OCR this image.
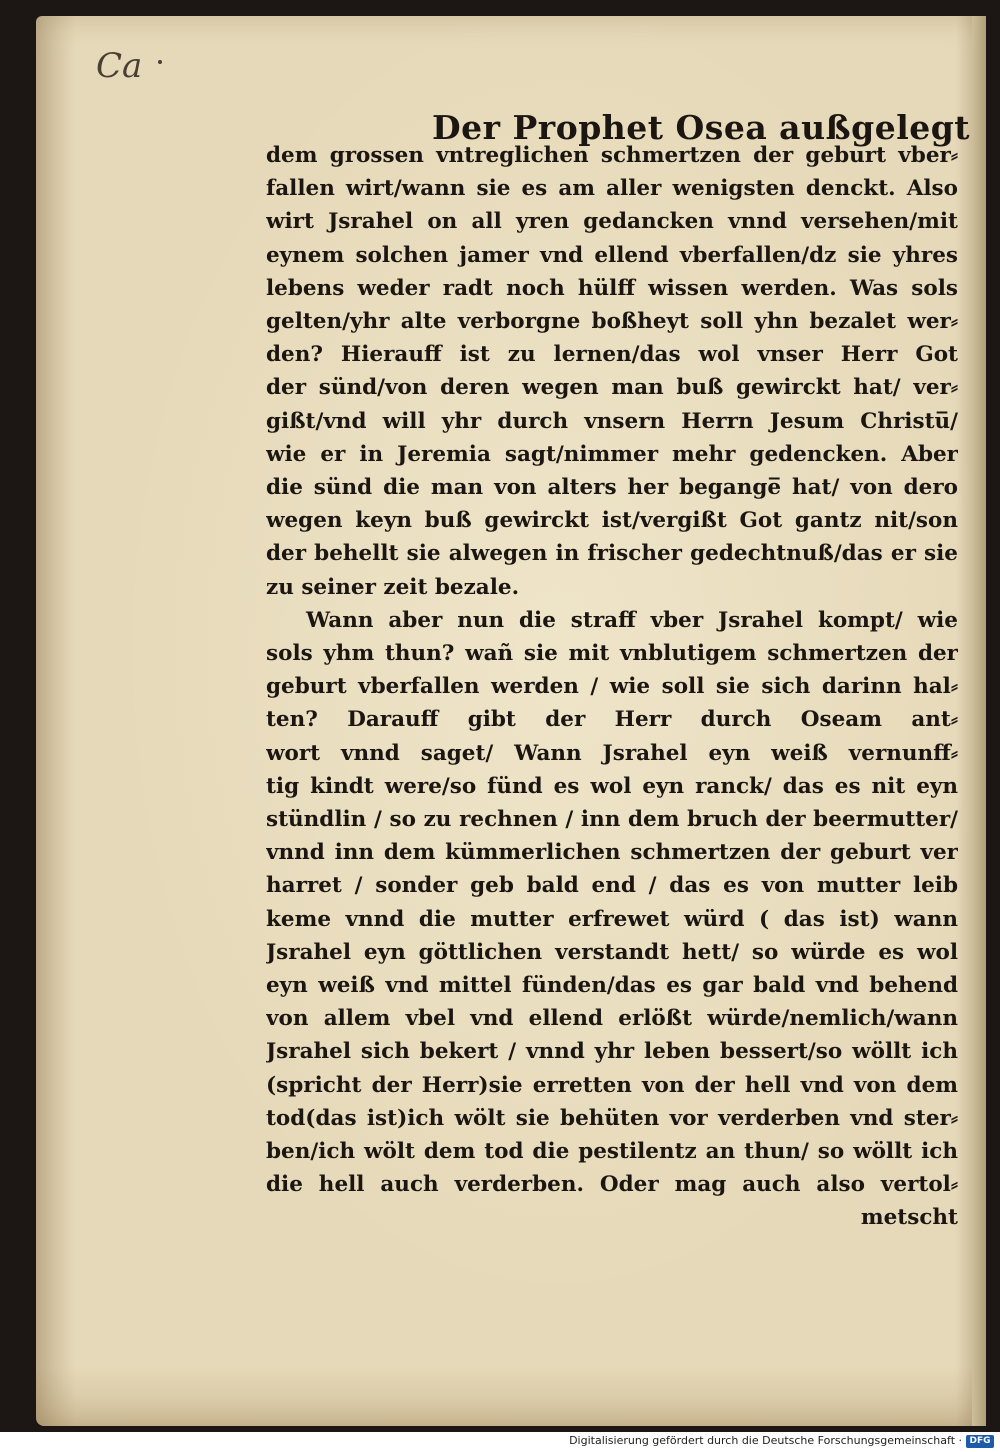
Ca
Der Prophet Osea außgelegt
dem grossen vntreglichen schmertzen der geburt vber⸗
fallen wirt/wann sie es am aller wenigsten denckt. Also
wirt Jsrahel on all yren gedancken vnnd versehen/mit
eynem solchen jamer vnd ellend vberfallen/dz sie yhres
lebens weder radt noch hülff wissen werden. Was sols
gelten/yhr alte verborgne boßheyt soll yhn bezalet wer⸗
den? Hierauff ist zu lernen/das wol vnser Herr Got
der sünd/von deren wegen man buß gewirckt hat/ ver⸗
gißt/vnd will yhr durch vnsern Herrn Jesum Christu̅/
wie er in Jeremia sagt/nimmer mehr gedencken. Aber
die sünd die man von alters her begange̅ hat/ von dero
wegen keyn buß gewirckt ist/vergißt Got gantz nit/son
der behellt sie alwegen in frischer gedechtnuß/das er sie
zu seiner zeit bezale.
Wann aber nun die straff vber Jsrahel kompt/ wie
sols yhm thun? wañ sie mit vnblutigem schmertzen der
geburt vberfallen werden / wie soll sie sich darinn hal⸗
ten? Darauff gibt der Herr durch Oseam ant⸗
wort vnnd saget/ Wann Jsrahel eyn weiß vernunff⸗
tig kindt were/so fünd es wol eyn ranck/ das es nit eyn
stündlin / so zu rechnen / inn dem bruch der beermutter/
vnnd inn dem kümmerlichen schmertzen der geburt ver
harret / sonder geb bald end / das es von mutter leib
keme vnnd die mutter erfrewet würd ( das ist) wann
Jsrahel eyn göttlichen verstandt hett/ so würde es wol
eyn weiß vnd mittel fünden/das es gar bald vnd behend
von allem vbel vnd ellend erlößt würde/nemlich/wann
Jsrahel sich bekert / vnnd yhr leben bessert/so wöllt ich
(spricht der Herr)sie erretten von der hell vnd von dem
tod(das ist)ich wölt sie behüten vor verderben vnd ster⸗
ben/ich wölt dem tod die pestilentz an thun/ so wöllt ich
die hell auch verderben. Oder mag auch also vertol⸗
metscht
Digitalisierung gefördert durch die Deutsche Forschungsgemeinschaft · DFG
